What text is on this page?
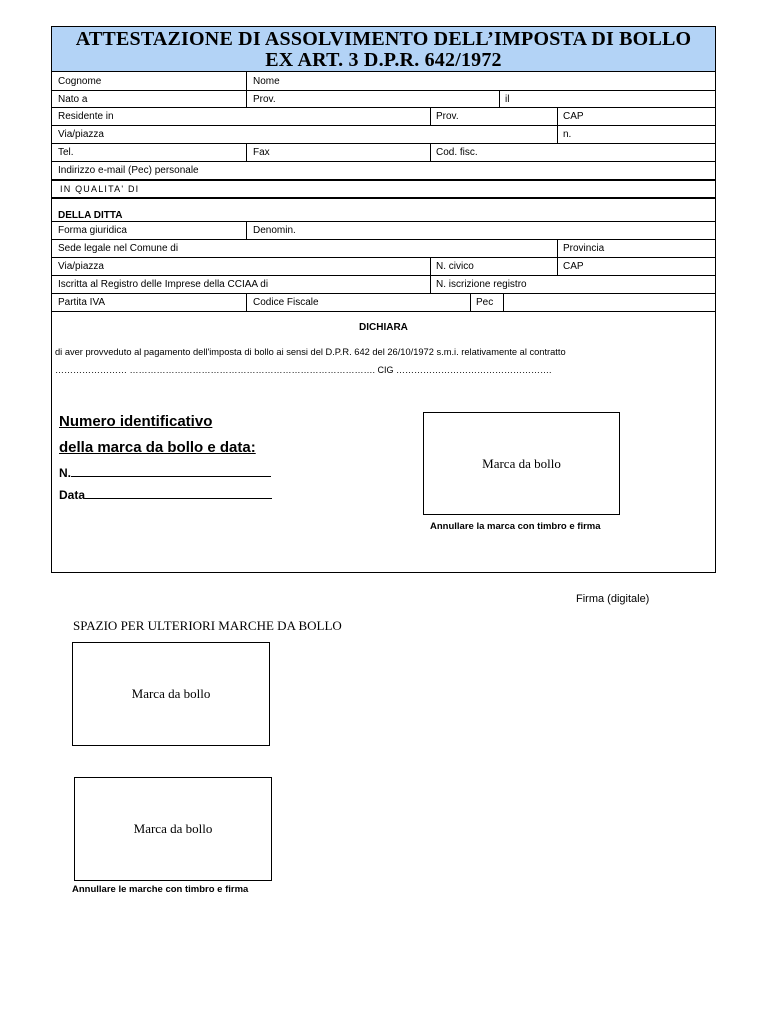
ATTESTAZIONE DI ASSOLVIMENTO DELL’IMPOSTA DI BOLLO
EX ART. 3 D.P.R. 642/1972
Cognome	Nome
Nato a	Prov.	il
Residente in	Prov.	CAP
Via/piazza	n.
Tel.	Fax	Cod. fisc.
Indirizzo e-mail (Pec) personale
IN QUALITA' DI
DELLA DITTA
Forma giuridica	Denomin.
Sede legale nel Comune di	Provincia
Via/piazza	N. civico	CAP
Iscritta al Registro delle Imprese della CCIAA di	N. iscrizione registro
Partita IVA	Codice Fiscale	Pec
DICHIARA
di aver provveduto al pagamento dell'imposta di bollo ai sensi del D.P.R. 642 del 26/10/1972 s.m.i. relativamente al contratto
…………………… ………………………………………………………………………. CIG …………………………………………….
Numero identificativo
della marca da bollo e data:
N.
Data
Marca da bollo
Annullare la marca con timbro e firma
Firma (digitale)
SPAZIO PER ULTERIORI MARCHE DA BOLLO
Marca da bollo
Marca da bollo
Annullare le marche con timbro e firma
